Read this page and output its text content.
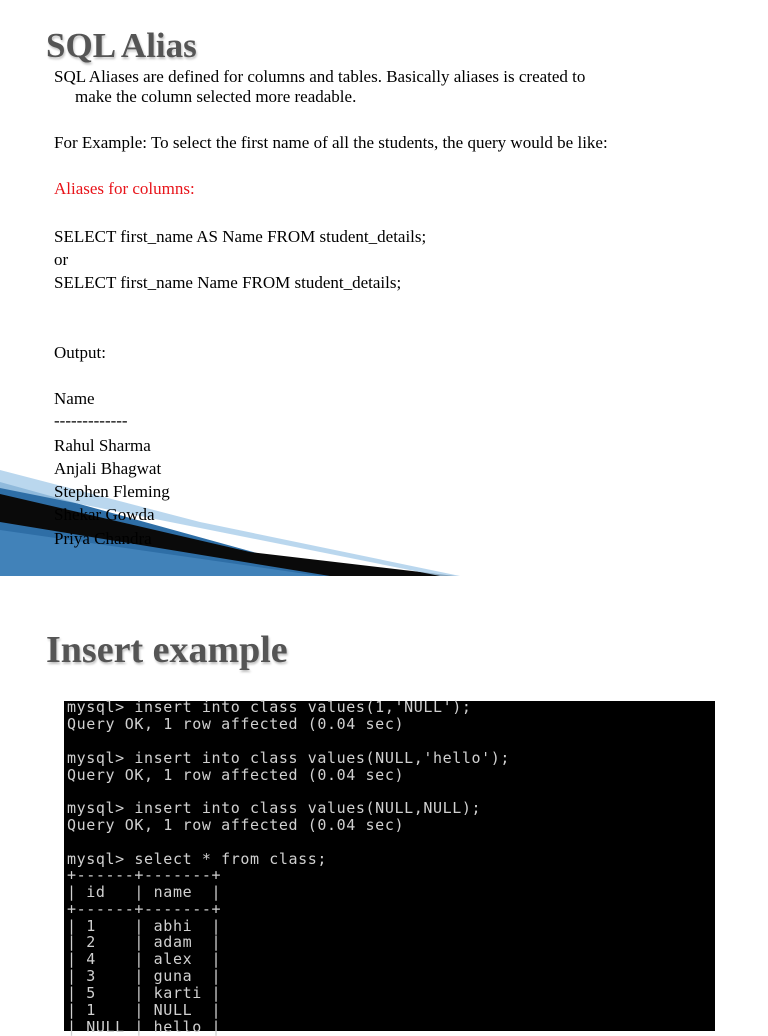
SQL Alias
SQL Aliases are defined for columns and tables. Basically aliases is created to
make the column selected more readable.
For Example: To select the first name of all the students, the query would be like:
Aliases for columns:
SELECT first_name AS Name FROM student_details;
or
SELECT first_name Name FROM student_details;
Output:
Name
-------------
Rahul Sharma
Anjali Bhagwat
Stephen Fleming
Shekar Gowda
Priya Chandra
Insert example
mysql> insert into class values(1,'NULL');
Query OK, 1 row affected (0.04 sec)
mysql> insert into class values(NULL,'hello');
Query OK, 1 row affected (0.04 sec)
mysql> insert into class values(NULL,NULL);
Query OK, 1 row affected (0.04 sec)
mysql> select * from class;
+------+-------+
| id   | name  |
+------+-------+
| 1    | abhi  |
| 2    | adam  |
| 4    | alex  |
| 3    | guna  |
| 5    | karti |
| 1    | NULL  |
| NULL | hello |
